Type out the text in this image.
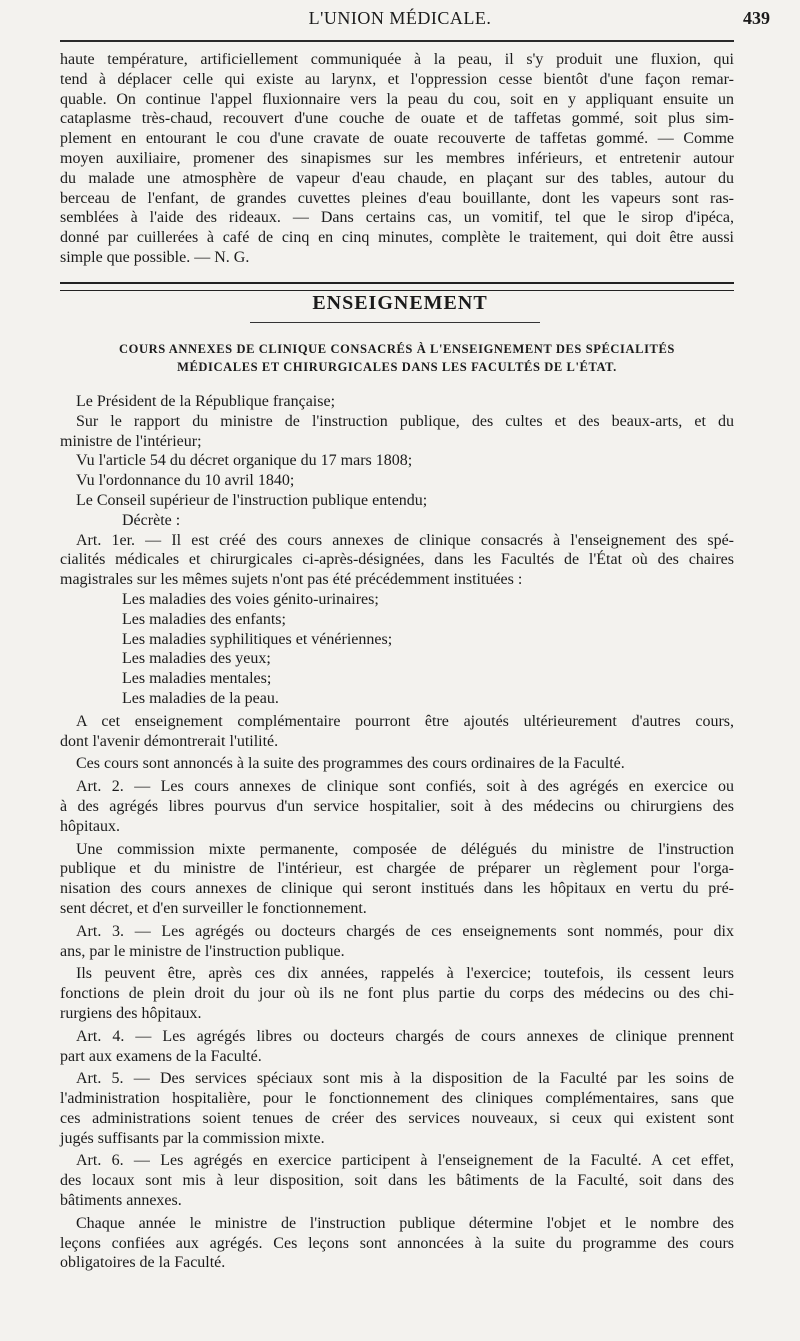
L'UNION MÉDICALE.	439
haute température, artificiellement communiquée à la peau, il s'y produit une fluxion, qui
tend à déplacer celle qui existe au larynx, et l'oppression cesse bientôt d'une façon remar-
quable. On continue l'appel fluxionnaire vers la peau du cou, soit en y appliquant ensuite un
cataplasme très-chaud, recouvert d'une couche de ouate et de taffetas gommé, soit plus sim-
plement en entourant le cou d'une cravate de ouate recouverte de taffetas gommé. — Comme
moyen auxiliaire, promener des sinapismes sur les membres inférieurs, et entretenir autour
du malade une atmosphère de vapeur d'eau chaude, en plaçant sur des tables, autour du
berceau de l'enfant, de grandes cuvettes pleines d'eau bouillante, dont les vapeurs sont ras-
semblées à l'aide des rideaux. — Dans certains cas, un vomitif, tel que le sirop d'ipéca,
donné par cuillerées à café de cinq en cinq minutes, complète le traitement, qui doit être aussi
simple que possible. — N. G.
ENSEIGNEMENT
COURS ANNEXES DE CLINIQUE CONSACRÉS À L'ENSEIGNEMENT DES SPÉCIALITÉS
MÉDICALES ET CHIRURGICALES DANS LES FACULTÉS DE L'ÉTAT.
Le Président de la République française;
Sur le rapport du ministre de l'instruction publique, des cultes et des beaux-arts, et du
ministre de l'intérieur;
Vu l'article 54 du décret organique du 17 mars 1808;
Vu l'ordonnance du 10 avril 1840;
Le Conseil supérieur de l'instruction publique entendu;
Décrète :
Art. 1er. — Il est créé des cours annexes de clinique consacrés à l'enseignement des spé-
cialités médicales et chirurgicales ci-après-désignées, dans les Facultés de l'État où des chaires
magistrales sur les mêmes sujets n'ont pas été précédemment instituées :
Les maladies des voies génito-urinaires;
Les maladies des enfants;
Les maladies syphilitiques et vénériennes;
Les maladies des yeux;
Les maladies mentales;
Les maladies de la peau.
A cet enseignement complémentaire pourront être ajoutés ultérieurement d'autres cours,
dont l'avenir démontrerait l'utilité.
Ces cours sont annoncés à la suite des programmes des cours ordinaires de la Faculté.
Art. 2. — Les cours annexes de clinique sont confiés, soit à des agrégés en exercice ou
à des agrégés libres pourvus d'un service hospitalier, soit à des médecins ou chirurgiens des
hôpitaux.
Une commission mixte permanente, composée de délégués du ministre de l'instruction
publique et du ministre de l'intérieur, est chargée de préparer un règlement pour l'orga-
nisation des cours annexes de clinique qui seront institués dans les hôpitaux en vertu du pré-
sent décret, et d'en surveiller le fonctionnement.
Art. 3. — Les agrégés ou docteurs chargés de ces enseignements sont nommés, pour dix
ans, par le ministre de l'instruction publique.
Ils peuvent être, après ces dix années, rappelés à l'exercice; toutefois, ils cessent leurs
fonctions de plein droit du jour où ils ne font plus partie du corps des médecins ou des chi-
rurgiens des hôpitaux.
Art. 4. — Les agrégés libres ou docteurs chargés de cours annexes de clinique prennent
part aux examens de la Faculté.
Art. 5. — Des services spéciaux sont mis à la disposition de la Faculté par les soins de
l'administration hospitalière, pour le fonctionnement des cliniques complémentaires, sans que
ces administrations soient tenues de créer des services nouveaux, si ceux qui existent sont
jugés suffisants par la commission mixte.
Art. 6. — Les agrégés en exercice participent à l'enseignement de la Faculté. A cet effet,
des locaux sont mis à leur disposition, soit dans les bâtiments de la Faculté, soit dans des
bâtiments annexes.
Chaque année le ministre de l'instruction publique détermine l'objet et le nombre des
leçons confiées aux agrégés. Ces leçons sont annoncées à la suite du programme des cours
obligatoires de la Faculté.
